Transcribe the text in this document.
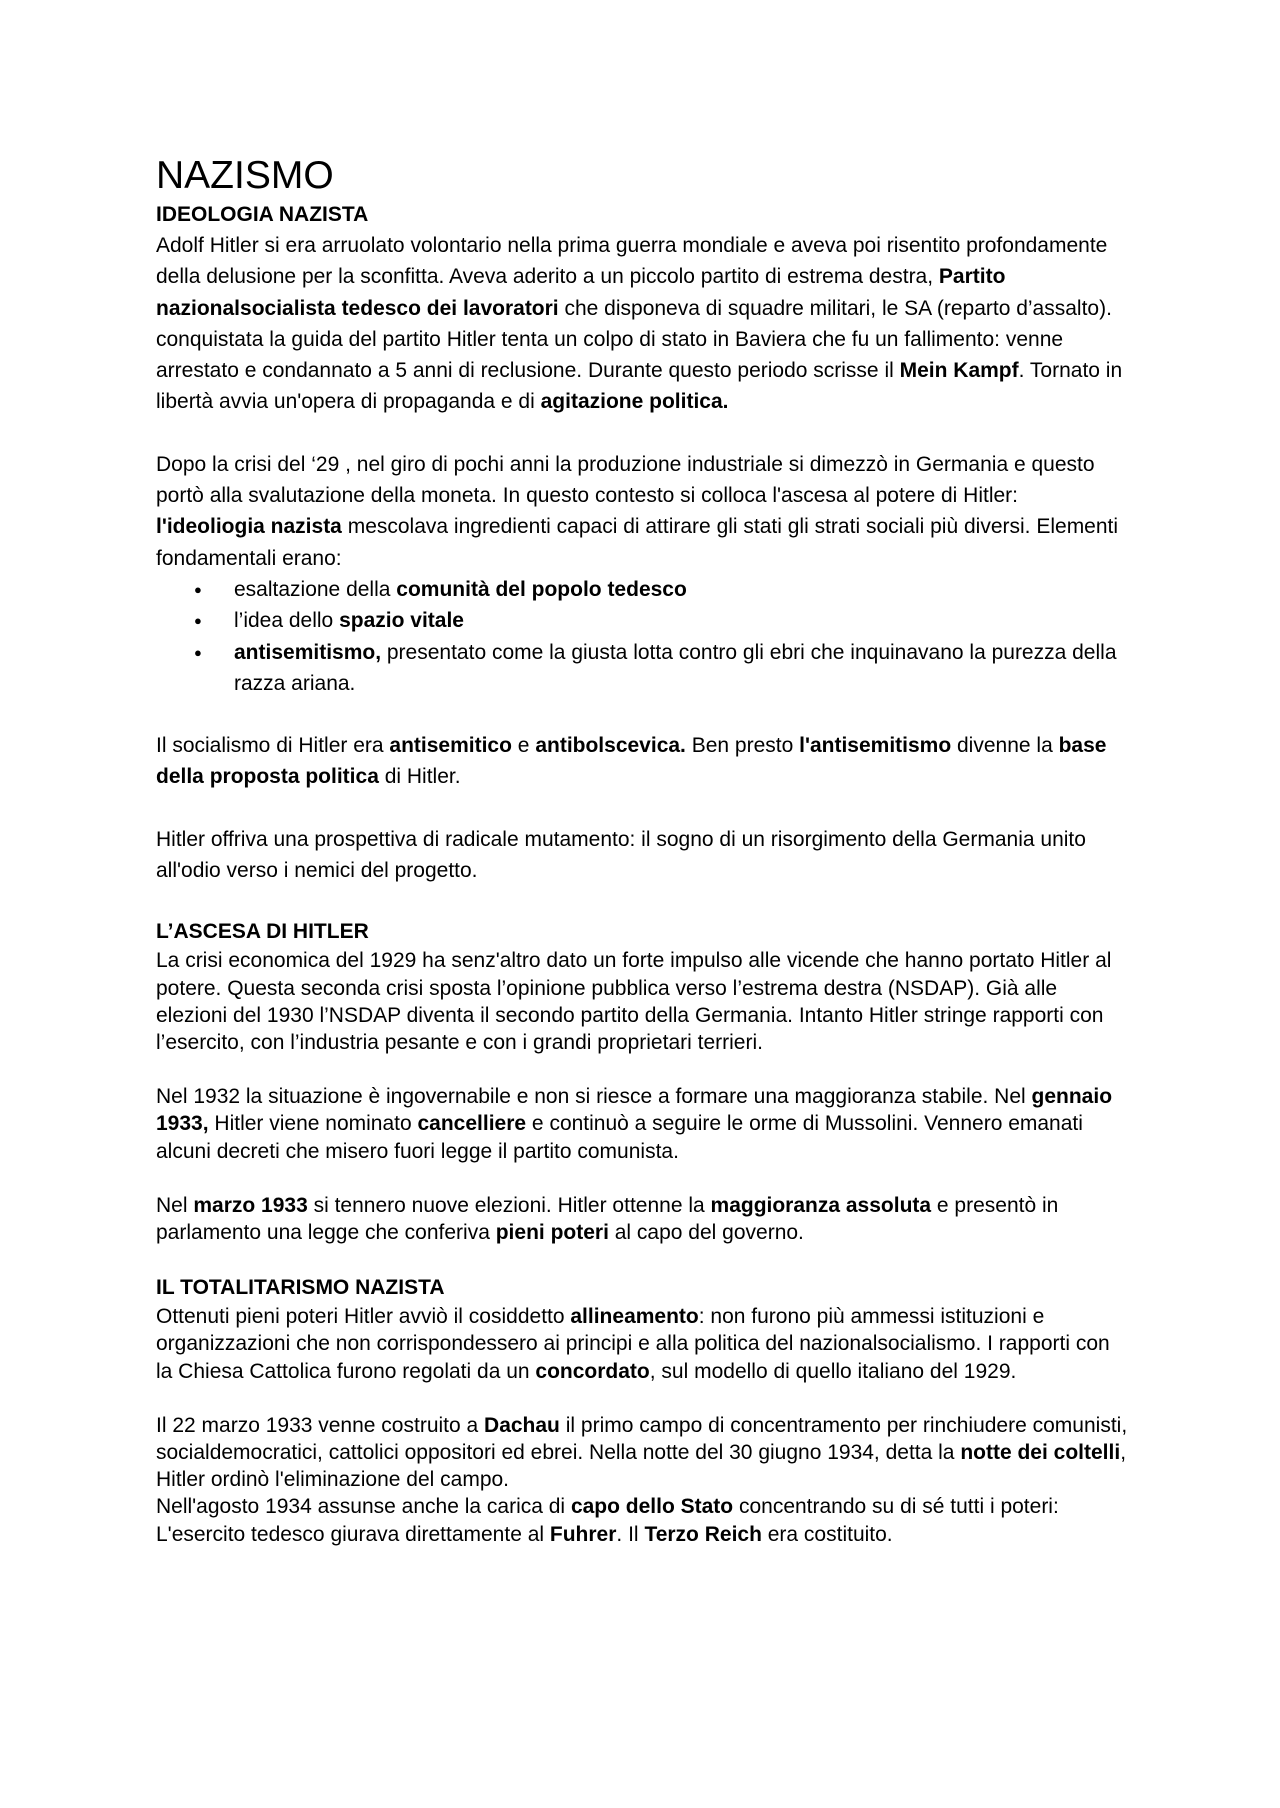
NAZISMO
IDEOLOGIA NAZISTA

Adolf Hitler si era arruolato volontario nella prima guerra mondiale e aveva poi risentito profondamente della delusione per la sconfitta. Aveva aderito a un piccolo partito di estrema destra, Partito nazionalsocialista tedesco dei lavoratori che disponeva di squadre militari, le SA (reparto d’assalto). conquistata la guida del partito Hitler tenta un colpo di stato in Baviera che fu un fallimento: venne arrestato e condannato a 5 anni di reclusione. Durante questo periodo scrisse il Mein Kampf. Tornato in libertà avvia un'opera di propaganda e di agitazione politica.

Dopo la crisi del ‘29 , nel giro di pochi anni la produzione industriale si dimezzò in Germania e questo portò alla svalutazione della moneta. In questo contesto si colloca l'ascesa al potere di Hitler: l'ideoliogia nazista mescolava ingredienti capaci di attirare gli stati gli strati sociali più diversi. Elementi fondamentali erano:

● esaltazione della comunità del popolo tedesco
● l’idea dello spazio vitale
● antisemitismo, presentato come la giusta lotta contro gli ebri che inquinavano la purezza della razza ariana.

Il socialismo di Hitler era antisemitico e antibolscevica. Ben presto l'antisemitismo divenne la base della proposta politica di Hitler.

Hitler offriva una prospettiva di radicale mutamento: il sogno di un risorgimento della Germania unito all'odio verso i nemici del progetto.

L’ASCESA DI HITLER

La crisi economica del 1929 ha senz'altro dato un forte impulso alle vicende che hanno portato Hitler al potere. Questa seconda crisi sposta l’opinione pubblica verso l’estrema destra (NSDAP). Già alle elezioni del 1930 l’NSDAP diventa il secondo partito della Germania. Intanto Hitler stringe rapporti con l’esercito, con l’industria pesante e con i grandi proprietari terrieri.

Nel 1932 la situazione è ingovernabile e non si riesce a formare una maggioranza stabile. Nel gennaio 1933, Hitler viene nominato cancelliere e continuò a seguire le orme di Mussolini. Vennero emanati alcuni decreti che misero fuori legge il partito comunista.

Nel marzo 1933 si tennero nuove elezioni. Hitler ottenne la maggioranza assoluta e presentò in parlamento una legge che conferiva pieni poteri al capo del governo.

IL TOTALITARISMO NAZISTA

Ottenuti pieni poteri Hitler avviò il cosiddetto allineamento: non furono più ammessi istituzioni e organizzazioni che non corrispondessero ai principi e alla politica del nazionalsocialismo. I rapporti con la Chiesa Cattolica furono regolati da un concordato, sul modello di quello italiano del 1929.

Il 22 marzo 1933 venne costruito a Dachau il primo campo di concentramento per rinchiudere comunisti, socialdemocratici, cattolici oppositori ed ebrei. Nella notte del 30 giugno 1934, detta la notte dei coltelli, Hitler ordinò l'eliminazione del campo.

Nell'agosto 1934 assunse anche la carica di capo dello Stato concentrando su di sé tutti i poteri: L'esercito tedesco giurava direttamente al Fuhrer. Il Terzo Reich era costituito.
